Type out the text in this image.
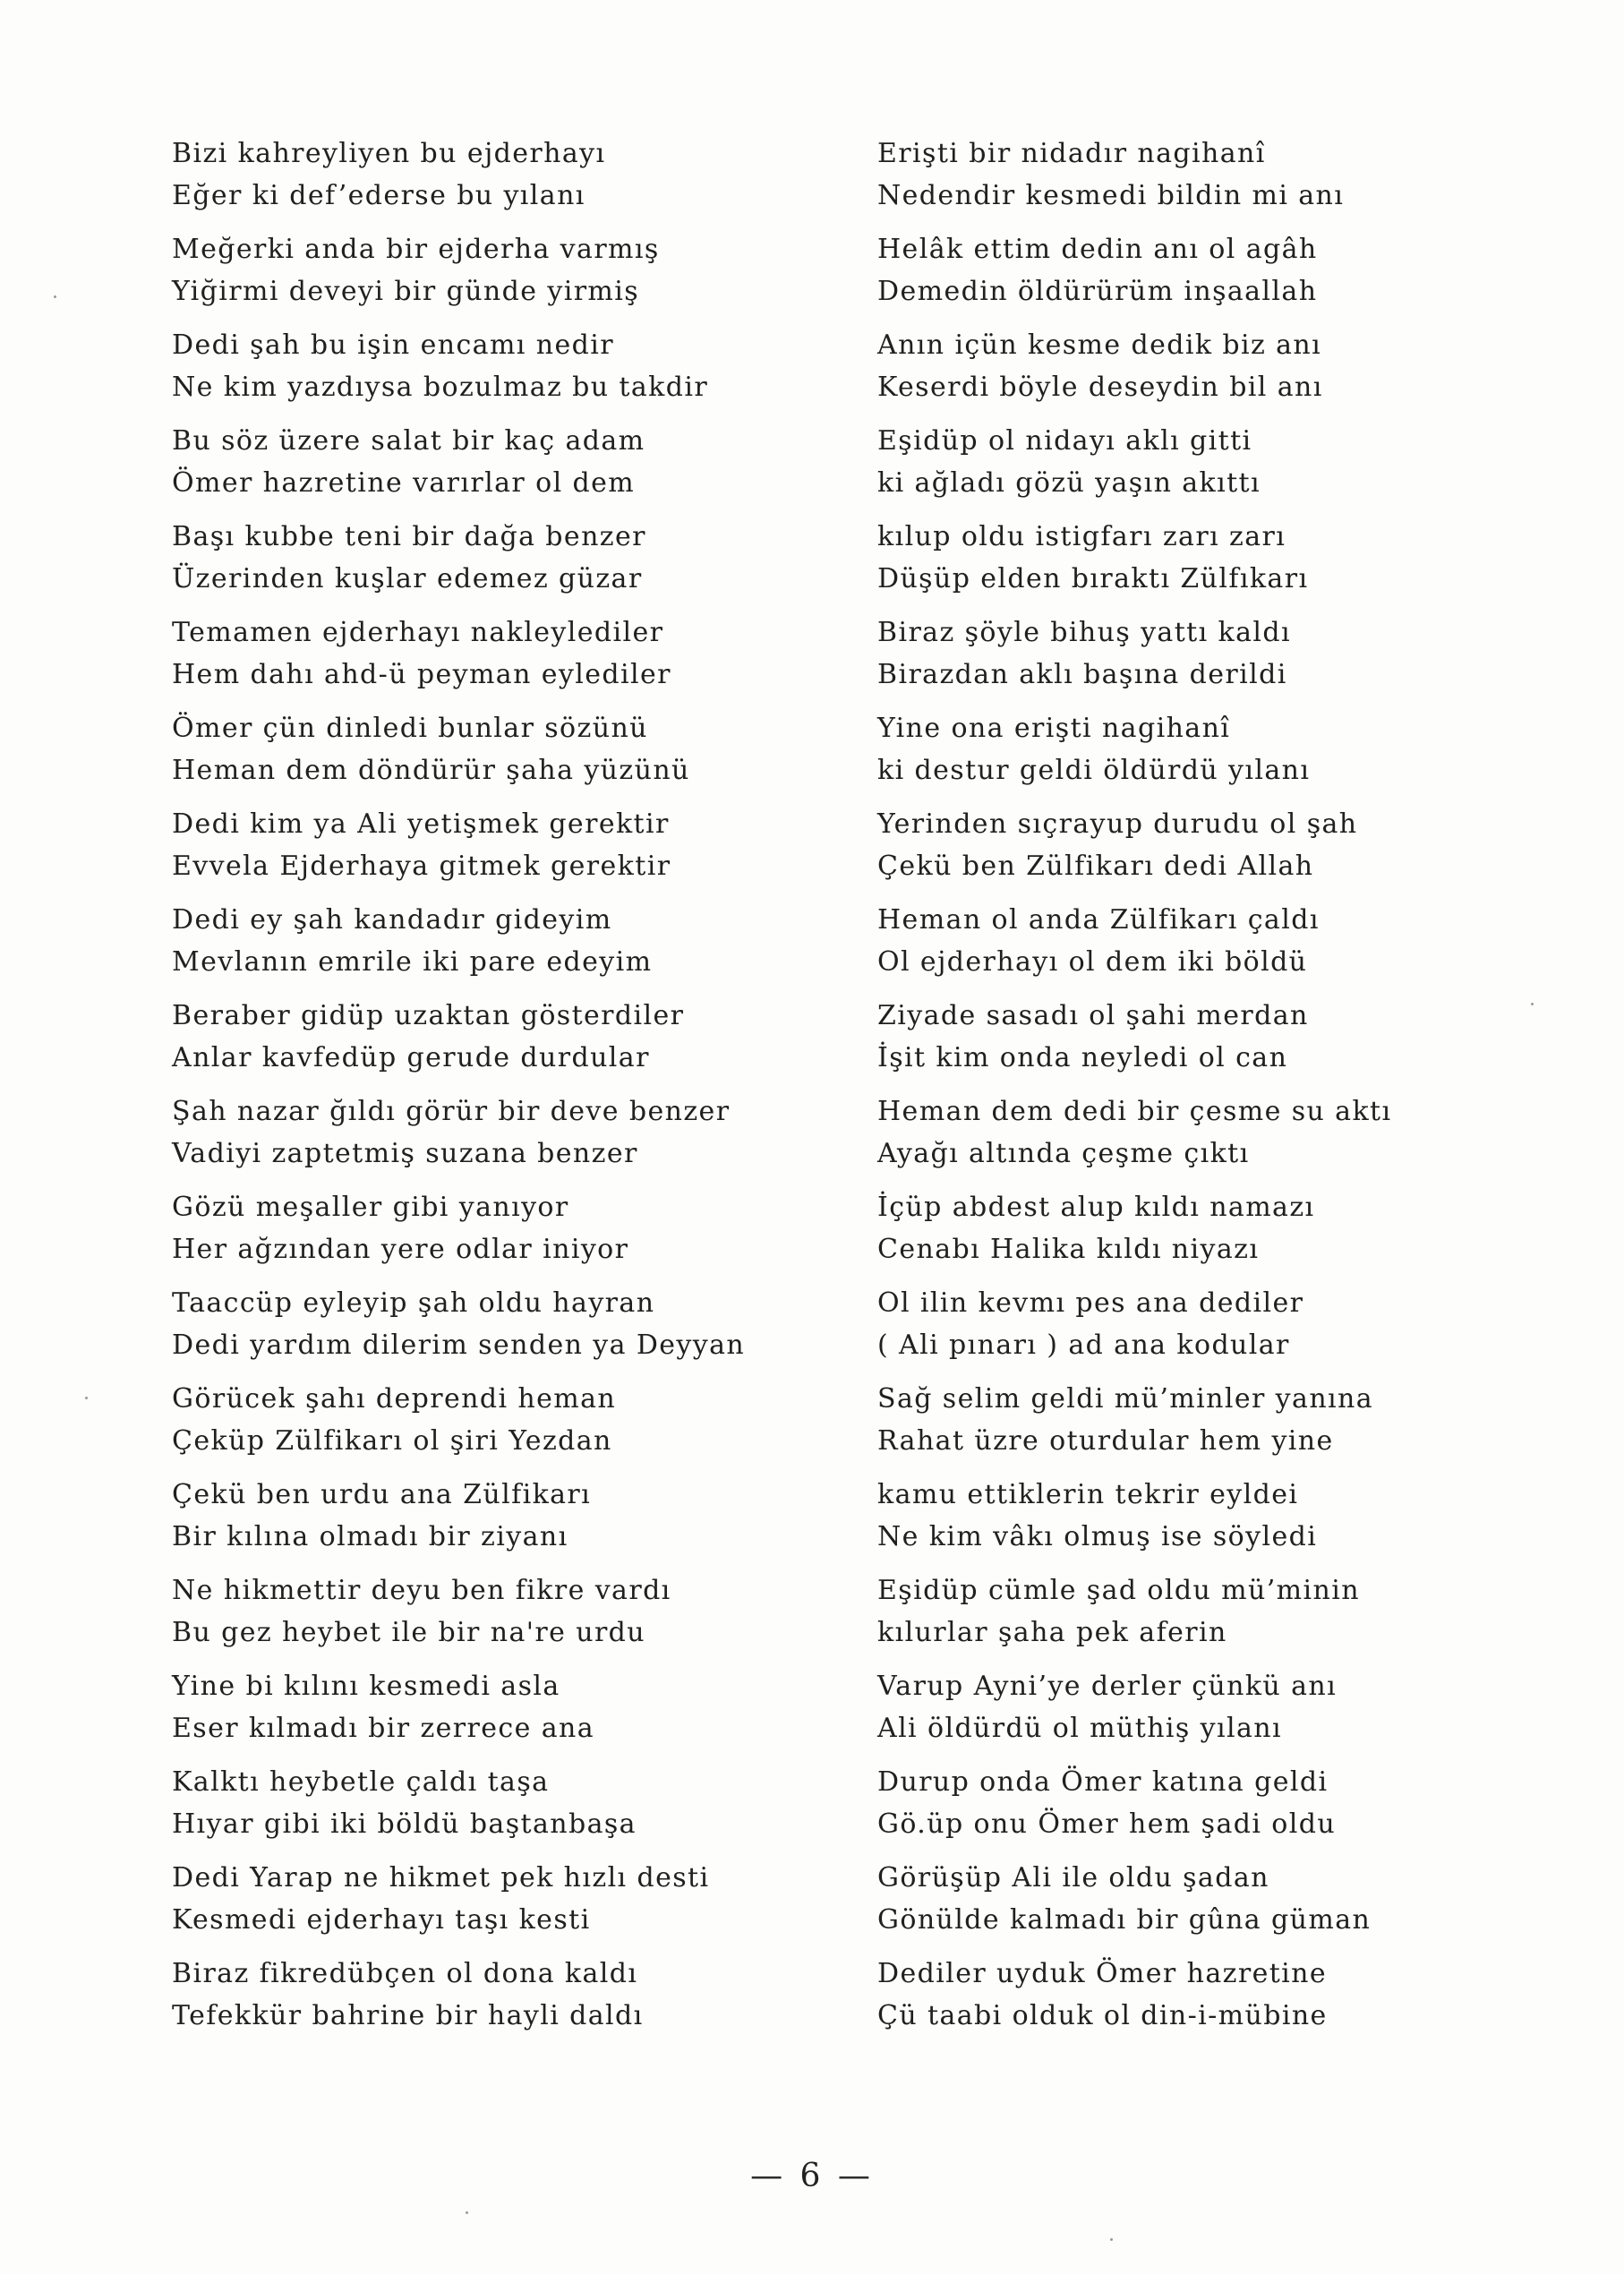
Bizi kahreyliyen bu ejderhayı
Eğer ki def’ederse bu yılanı
Meğerki anda bir ejderha varmış
Yiğirmi deveyi bir günde yirmiş
Dedi şah bu işin encamı nedir
Ne kim yazdıysa bozulmaz bu takdir
Bu söz üzere salat bir kaç adam
Ömer hazretine varırlar ol dem
Başı kubbe teni bir dağa benzer
Üzerinden kuşlar edemez güzar
Temamen ejderhayı nakleylediler
Hem dahı ahd-ü peyman eylediler
Ömer çün dinledi bunlar sözünü
Heman dem döndürür şaha yüzünü
Dedi kim ya Ali yetişmek gerektir
Evvela Ejderhaya gitmek gerektir
Dedi ey şah kandadır gideyim
Mevlanın emrile iki pare edeyim
Beraber gidüp uzaktan gösterdiler
Anlar kavfedüp gerude durdular
Şah nazar ğıldı görür bir deve benzer
Vadiyi zaptetmiş suzana benzer
Gözü meşaller gibi yanıyor
Her ağzından yere odlar iniyor
Taaccüp eyleyip şah oldu hayran
Dedi yardım dilerim senden ya Deyyan
Görücek şahı deprendi heman
Çeküp Zülfikarı ol şiri Yezdan
Çekü ben urdu ana Zülfikarı
Bir kılına olmadı bir ziyanı
Ne hikmettir deyu ben fikre vardı
Bu gez heybet ile bir na're urdu
Yine bi kılını kesmedi asla
Eser kılmadı bir zerrece ana
Kalktı heybetle çaldı taşa
Hıyar gibi iki böldü baştanbaşa
Dedi Yarap ne hikmet pek hızlı desti
Kesmedi ejderhayı taşı kesti
Biraz fikredübçen ol dona kaldı
Tefekkür bahrine bir hayli daldı
Erişti bir nidadır nagihanî
Nedendir kesmedi bildin mi anı
Helâk ettim dedin anı ol agâh
Demedin öldürürüm inşaallah
Anın içün kesme dedik biz anı
Keserdi böyle deseydin bil anı
Eşidüp ol nidayı aklı gitti
ki ağladı gözü yaşın akıttı
kılup oldu istigfarı zarı zarı
Düşüp elden bıraktı Zülfıkarı
Biraz şöyle bihuş yattı kaldı
Birazdan aklı başına derildi
Yine ona erişti nagihanî
ki destur geldi öldürdü yılanı
Yerinden sıçrayup durudu ol şah
Çekü ben Zülfikarı dedi Allah
Heman ol anda Zülfikarı çaldı
Ol ejderhayı ol dem iki böldü
Ziyade sasadı ol şahi merdan
İşit kim onda neyledi ol can
Heman dem dedi bir çesme su aktı
Ayağı altında çeşme çıktı
İçüp abdest alup kıldı namazı
Cenabı Halika kıldı niyazı
Ol ilin kevmı pes ana dediler
( Ali pınarı ) ad ana kodular
Sağ selim geldi mü’minler yanına
Rahat üzre oturdular hem yine
kamu ettiklerin tekrir eyldei
Ne kim vâkı olmuş ise söyledi
Eşidüp cümle şad oldu mü’minin
kılurlar şaha pek aferin
Varup Ayni’ye derler çünkü anı
Ali öldürdü ol müthiş yılanı
Durup onda Ömer katına geldi
Gö.üp onu Ömer hem şadi oldu
Görüşüp Ali ile oldu şadan
Gönülde kalmadı bir gûna güman
Dediler uyduk Ömer hazretine
Çü taabi olduk ol din-i-mübine
— 6 —
